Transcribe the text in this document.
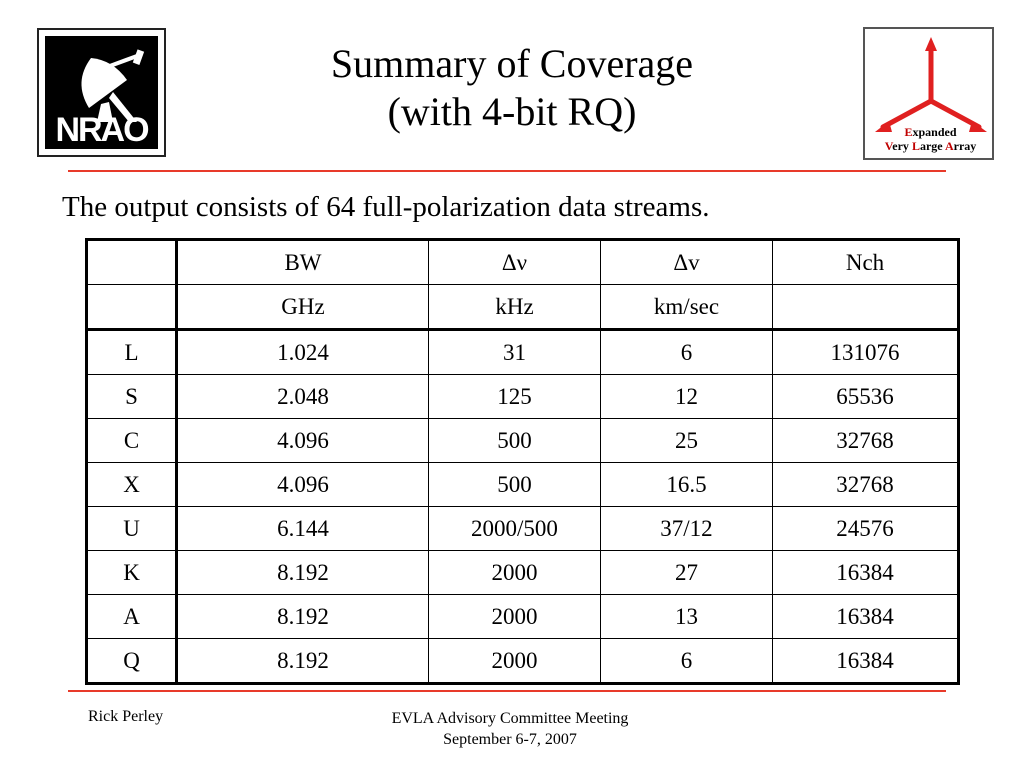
NRAO
Summary of Coverage
(with 4-bit RQ)	Expanded
Very Large Array
The output consists of 64 full-polarization data streams.
	BW	Δν	Δv	Nch
	GHz	kHz	km/sec	
L	1.024	31	6	131076
S	2.048	125	12	65536
C	4.096	500	25	32768
X	4.096	500	16.5	32768
U	6.144	2000/500	37/12	24576
K	8.192	2000	27	16384
A	8.192	2000	13	16384
Q	8.192	2000	6	16384
Rick Perley	EVLA Advisory Committee Meeting
September 6-7, 2007
